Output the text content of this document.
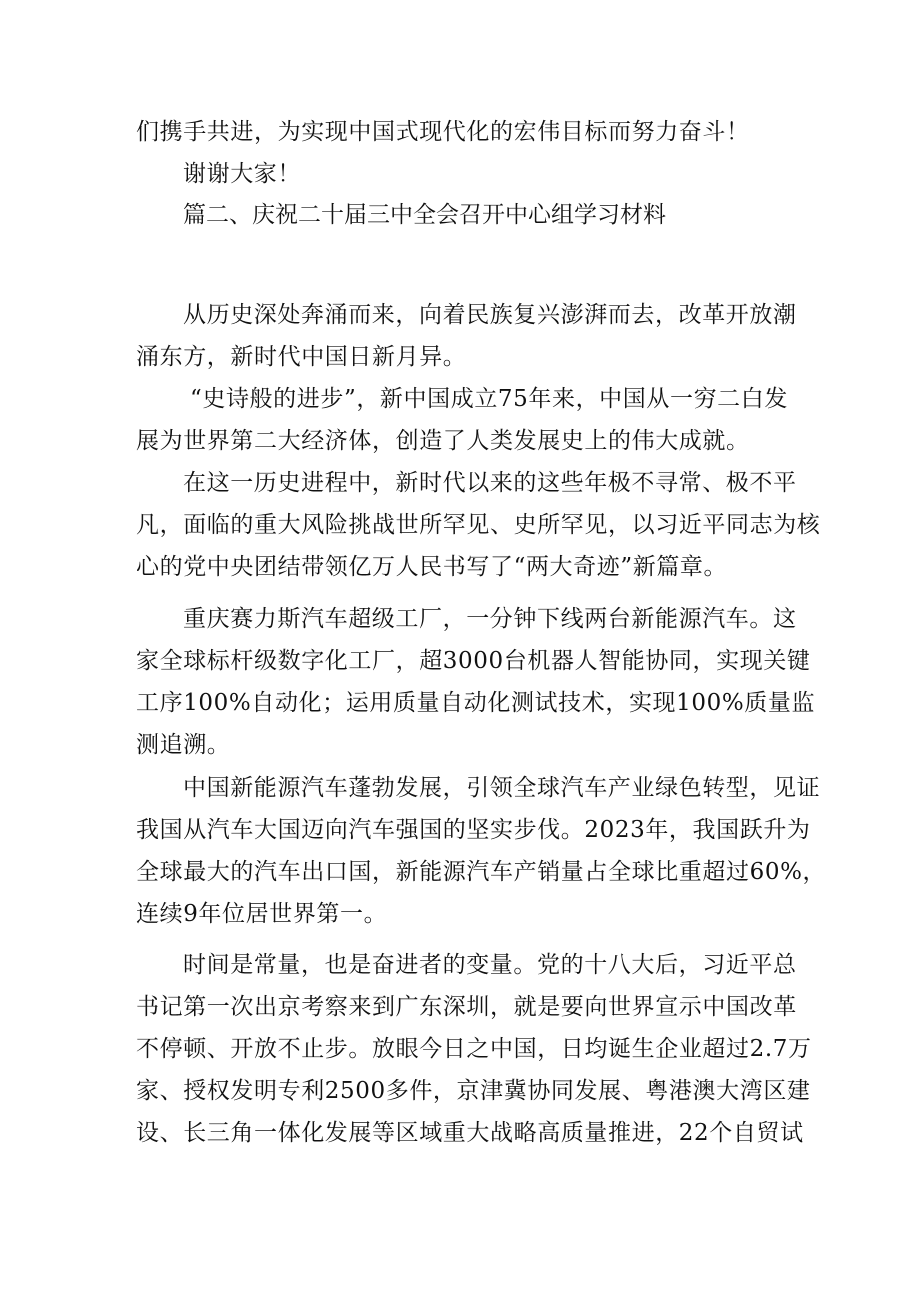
们携手共进，为实现中国式现代化的宏伟目标而努力奋斗！
谢谢大家！
篇二、庆祝二十届三中全会召开中心组学习材料
从历史深处奔涌而来，向着民族复兴澎湃而去，改革开放潮
涌东方，新时代中国日新月异。
“史诗般的进步”，新中国成立75年来，中国从一穷二白发
展为世界第二大经济体，创造了人类发展史上的伟大成就。
在这一历史进程中，新时代以来的这些年极不寻常、极不平
凡，面临的重大风险挑战世所罕见、史所罕见，以习近平同志为核
心的党中央团结带领亿万人民书写了“两大奇迹”新篇章。
重庆赛力斯汽车超级工厂，一分钟下线两台新能源汽车。这
家全球标杆级数字化工厂，超3000台机器人智能协同，实现关键
工序100%自动化；运用质量自动化测试技术，实现100%质量监
测追溯。
中国新能源汽车蓬勃发展，引领全球汽车产业绿色转型，见证
我国从汽车大国迈向汽车强国的坚实步伐。2023年，我国跃升为
全球最大的汽车出口国，新能源汽车产销量占全球比重超过60%，
连续9年位居世界第一。
时间是常量，也是奋进者的变量。党的十八大后，习近平总
书记第一次出京考察来到广东深圳，就是要向世界宣示中国改革
不停顿、开放不止步。放眼今日之中国，日均诞生企业超过2.7万
家、授权发明专利2500多件，京津冀协同发展、粤港澳大湾区建
设、长三角一体化发展等区域重大战略高质量推进，22个自贸试
